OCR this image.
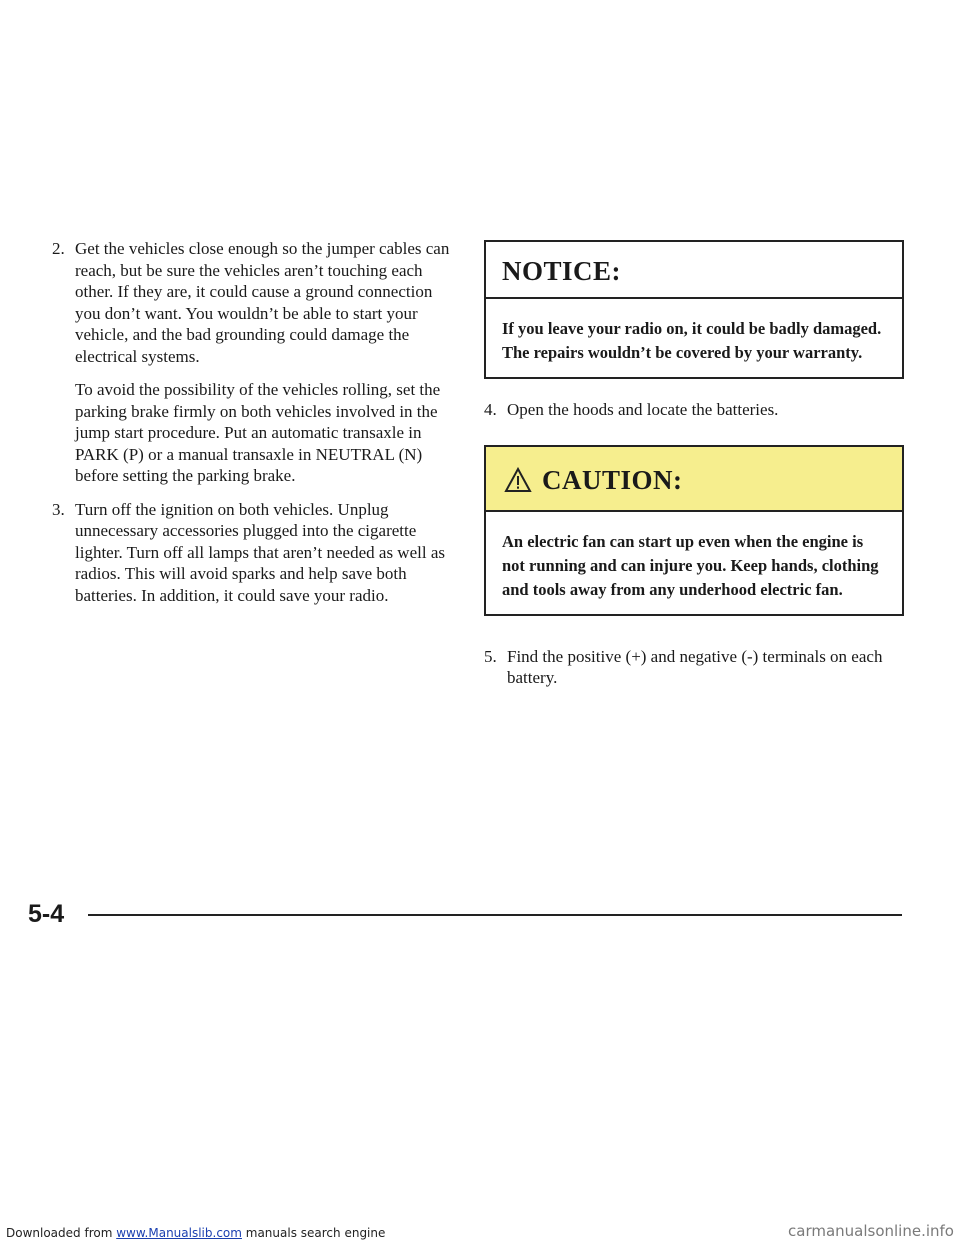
2. Get the vehicles close enough so the jumper cables can reach, but be sure the vehicles aren’t touching each other. If they are, it could cause a ground connection you don’t want. You wouldn’t be able to start your vehicle, and the bad grounding could damage the electrical systems.
To avoid the possibility of the vehicles rolling, set the parking brake firmly on both vehicles involved in the jump start procedure. Put an automatic transaxle in PARK (P) or a manual transaxle in NEUTRAL (N) before setting the parking brake.
3. Turn off the ignition on both vehicles. Unplug unnecessary accessories plugged into the cigarette lighter. Turn off all lamps that aren’t needed as well as radios. This will avoid sparks and help save both batteries. In addition, it could save your radio.
NOTICE:
If you leave your radio on, it could be badly damaged. The repairs wouldn’t be covered by your warranty.
4. Open the hoods and locate the batteries.
CAUTION:
An electric fan can start up even when the engine is not running and can injure you. Keep hands, clothing and tools away from any underhood electric fan.
5. Find the positive (+) and negative (-) terminals on each battery.
5-4
Downloaded from www.Manualslib.com manuals search engine	carmanualsonline.info
